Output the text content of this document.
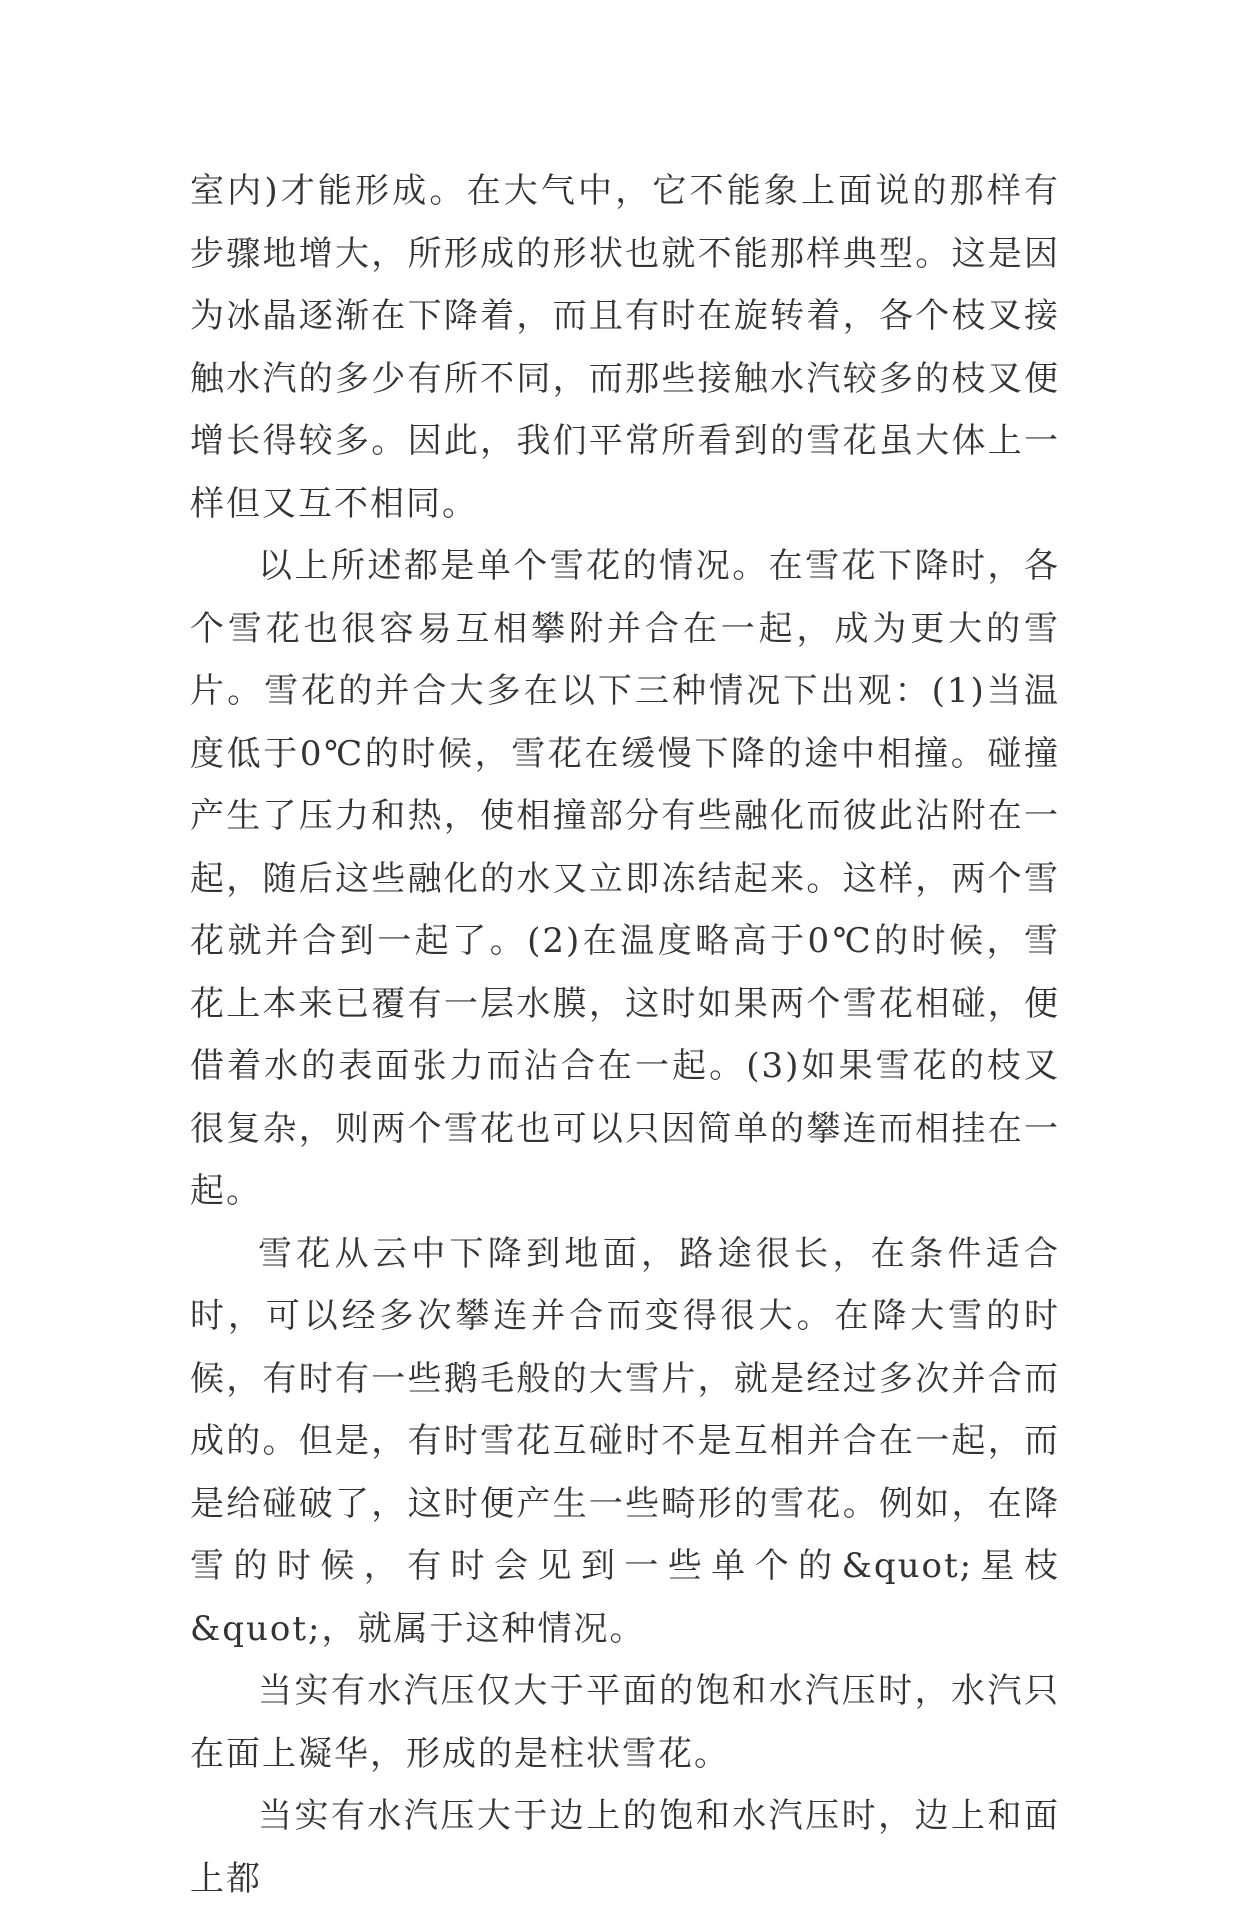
室内)才能形成。在大气中，它不能象上面说的那样有步骤地增大，所形成的形状也就不能那样典型。这是因为冰晶逐渐在下降着，而且有时在旋转着，各个枝叉接触水汽的多少有所不同，而那些接触水汽较多的枝叉便增长得较多。因此，我们平常所看到的雪花虽大体上一样但又互不相同。

以上所述都是单个雪花的情况。在雪花下降时，各个雪花也很容易互相攀附并合在一起，成为更大的雪片。雪花的并合大多在以下三种情况下出观：(1)当温度低于0℃的时候，雪花在缓慢下降的途中相撞。碰撞产生了压力和热，使相撞部分有些融化而彼此沾附在一起，随后这些融化的水又立即冻结起来。这样，两个雪花就并合到一起了。(2)在温度略高于0℃的时候，雪花上本来已覆有一层水膜，这时如果两个雪花相碰，便借着水的表面张力而沾合在一起。(3)如果雪花的枝叉很复杂，则两个雪花也可以只因简单的攀连而相挂在一起。

雪花从云中下降到地面，路途很长，在条件适合时，可以经多次攀连并合而变得很大。在降大雪的时候，有时有一些鹅毛般的大雪片，就是经过多次并合而成的。但是，有时雪花互碰时不是互相并合在一起，而是给碰破了，这时便产生一些畸形的雪花。例如，在降雪的时候，有时会见到一些单个的&quot;星枝&quot;，就属于这种情况。

当实有水汽压仅大于平面的饱和水汽压时，水汽只在面上凝华，形成的是柱状雪花。

当实有水汽压大于边上的饱和水汽压时，边上和面上都
